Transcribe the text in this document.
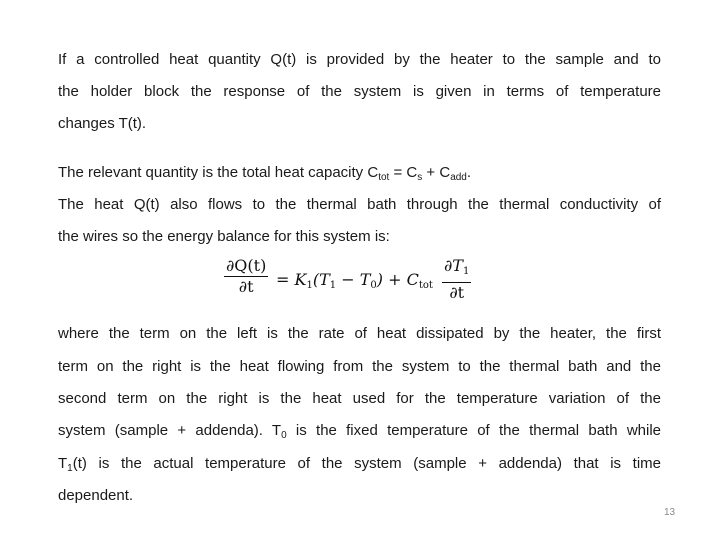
If a controlled heat quantity Q(t) is provided by the heater to the sample and to
the holder block the response of the system is given in terms of temperature
changes T(t).
The relevant quantity is the total heat capacity $C_{tot} = C_s + C_{add}$.
The heat Q(t) also flows to the thermal bath through the thermal conductivity of
the wires so the energy balance for this system is:
$\frac{\partial Q(t)}{\partial t} = K_1(T_1 - T_0) + C_{tot} \frac{\partial T_1}{\partial t}$
where the term on the left is the rate of heat dissipated by the heater, the first
term on the right is the heat flowing from the system to the thermal bath and the
second term on the right is the heat used for the temperature variation of the
system (sample + addenda). $T_0$ is the fixed temperature of the thermal bath while
$T_1(t)$ is the actual temperature of the system (sample + addenda) that is time
dependent.
13
